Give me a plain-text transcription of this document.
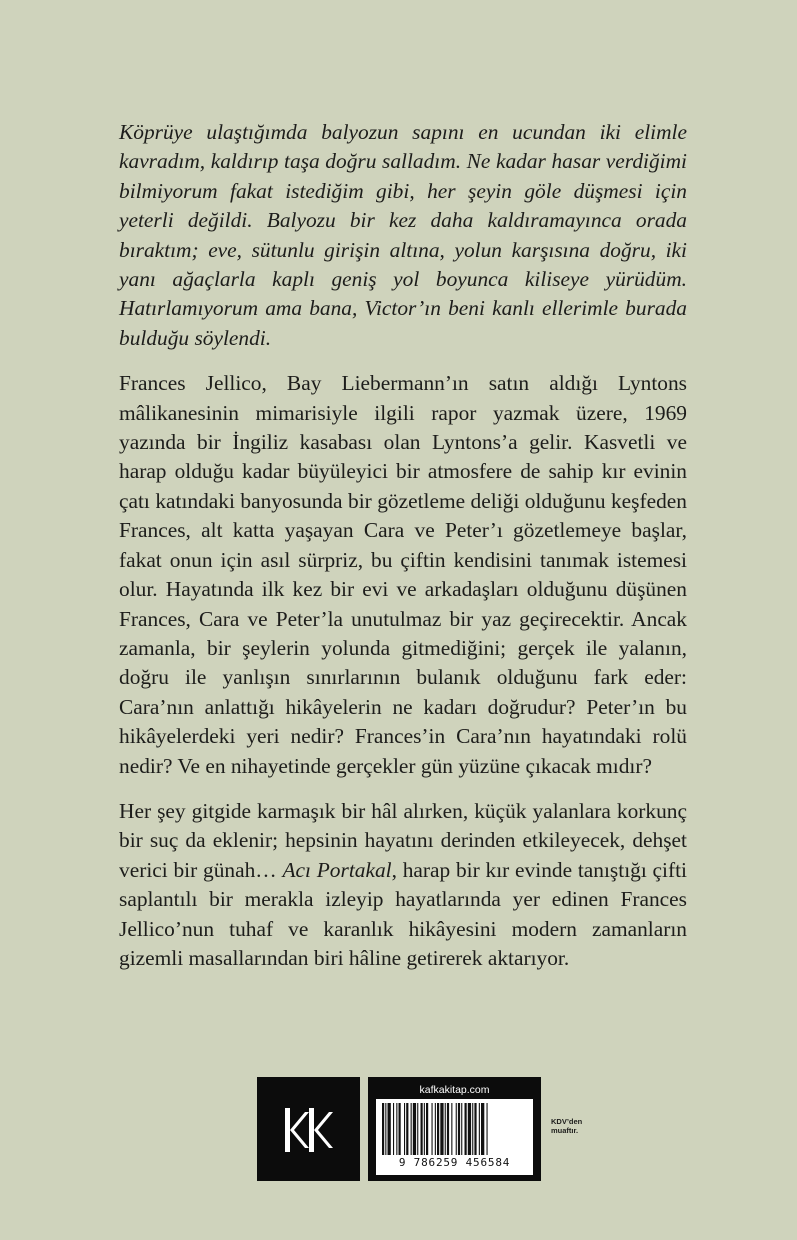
Köprüye ulaştığımda balyozun sapını en ucundan iki elimle kavradım, kaldırıp taşa doğru salladım. Ne kadar hasar verdiğimi bilmiyorum fakat istediğim gibi, her şeyin göle düşmesi için yeterli değildi. Balyozu bir kez daha kaldıramayınca orada bıraktım; eve, sütunlu girişin altına, yolun karşısına doğru, iki yanı ağaçlarla kaplı geniş yol boyunca kiliseye yürüdüm. Hatırlamıyorum ama bana, Victor’ın beni kanlı ellerimle burada bulduğu söylendi.

Frances Jellico, Bay Liebermann’ın satın aldığı Lyntons mâlikanesinin mimarisiyle ilgili rapor yazmak üzere, 1969 yazında bir İngiliz kasabası olan Lyntons’a gelir. Kasvetli ve harap olduğu kadar büyüleyici bir atmosfere de sahip kır evinin çatı katındaki banyosunda bir gözetleme deliği olduğunu keşfeden Frances, alt katta yaşayan Cara ve Peter’ı gözetlemeye başlar, fakat onun için asıl sürpriz, bu çiftin kendisini tanımak istemesi olur. Hayatında ilk kez bir evi ve arkadaşları olduğunu düşünen Frances, Cara ve Peter’la unutulmaz bir yaz geçirecektir. Ancak zamanla, bir şeylerin yolunda gitmediğini; gerçek ile yalanın, doğru ile yanlışın sınırlarının bulanık olduğunu fark eder: Cara’nın anlattığı hikâyelerin ne kadarı doğrudur? Peter’ın bu hikâyelerdeki yeri nedir? Frances’in Cara’nın hayatındaki rolü nedir? Ve en nihayetinde gerçekler gün yüzüne çıkacak mıdır?

Her şey gitgide karmaşık bir hâl alırken, küçük yalanlara korkunç bir suç da eklenir; hepsinin hayatını derinden etkileyecek, dehşet verici bir günah… Acı Portakal, harap bir kır evinde tanıştığı çifti saplantılı bir merakla izleyip hayatlarında yer edinen Frances Jellico’nun tuhaf ve karanlık hikâyesini modern zamanların gizemli masallarından biri hâline getirerek aktarıyor.

kafkakitap.com
9 786259 456584
KDV’den
muaftır.
